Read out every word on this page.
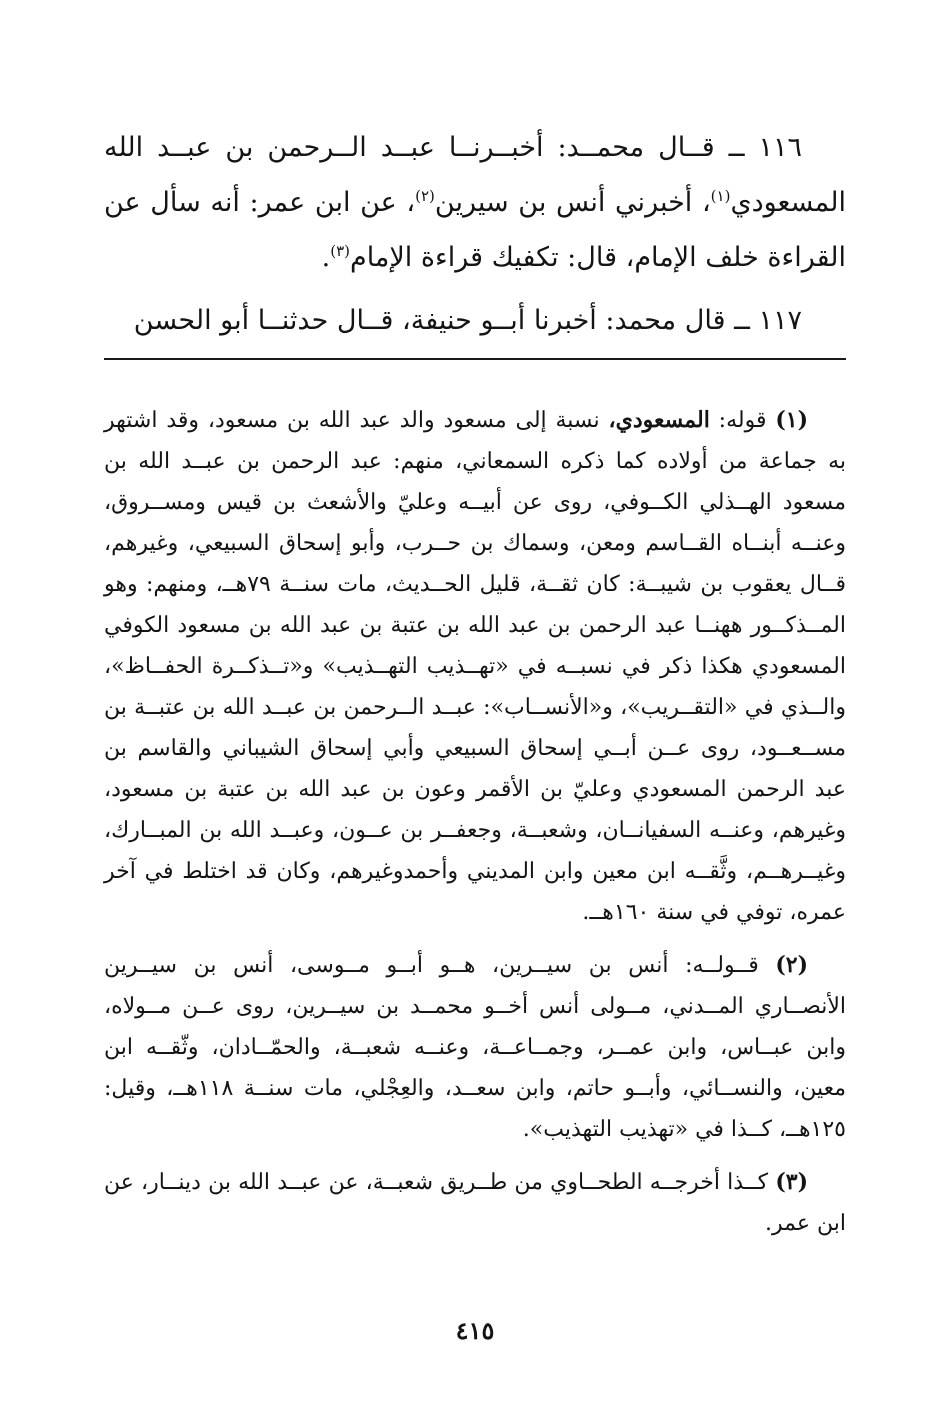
١١٦ ــ قــال محمــد: أخبــرنــا عبــد الــرحمن بن عبــد الله المسعودي$^{(١)}$، أخبرني أنس بن سيرين$^{(٢)}$، عن ابن عمر: أنه سأل عن القراءة خلف الإمام، قال: تكفيك قراءة الإمام$^{(٣)}$.

١١٧ ــ قال محمد: أخبرنا أبــو حنيفة، قــال حدثنــا أبو الحسن

(١) قوله: المسعودي، نسبة إلى مسعود والد عبد الله بن مسعود، وقد اشتهر به جماعة من أولاده كما ذكره السمعاني، منهم: عبد الرحمن بن عبــد الله بن مسعود الهــذلي الكــوفي، روى عن أبيــه وعليّ والأشعث بن قيس ومســروق، وعنــه أبنــاه القــاسم ومعن، وسماك بن حــرب، وأبو إسحاق السبيعي، وغيرهم، قــال يعقوب بن شيبــة: كان ثقــة، قليل الحــديث، مات سنــة ٧٩هــ، ومنهم: وهو المــذكــور ههنــا عبد الرحمن بن عبد الله بن عتبة بن عبد الله بن مسعود الكوفي المسعودي هكذا ذكر في نسبــه في «تهــذيب التهــذيب» و«تــذكــرة الحفــاظ»، والــذي في «التقــريب»، و«الأنســاب»: عبــد الــرحمن بن عبــد الله بن عتبــة بن مســعــود، روى عــن أبــي إسحاق السبيعي وأبي إسحاق الشيباني والقاسم بن عبد الرحمن المسعودي وعليّ بن الأقمر وعون بن عبد الله بن عتبة بن مسعود، وغيرهم، وعنــه السفيانــان، وشعبــة، وجعفــر بن عــون، وعبــد الله بن المبــارك، وغيــرهــم، وثَّقــه ابن معين وابن المديني وأحمدوغيرهم، وكان قد اختلط في آخر عمره، توفي في سنة ١٦٠هــ.

(٢) قــولــه: أنس بن سيــرين، هــو أبــو مــوسى، أنس بن سيــرين الأنصــاري المــدني، مــولى أنس أخــو محمــد بن سيــرين، روى عــن مــولاه، وابن عبــاس، وابن عمــر، وجمــاعــة، وعنــه شعبــة، والحمّــادان، وثّقــه ابن معين، والنســائي، وأبــو حاتم، وابن سعــد، والعِجْلي، مات سنــة ١١٨هــ، وقيل: ١٢٥هــ، كــذا في «تهذيب التهذيب».

(٣) كــذا أخرجــه الطحــاوي من طــريق شعبــة، عن عبــد الله بن دينــار، عن ابن عمر.

٤١٥
